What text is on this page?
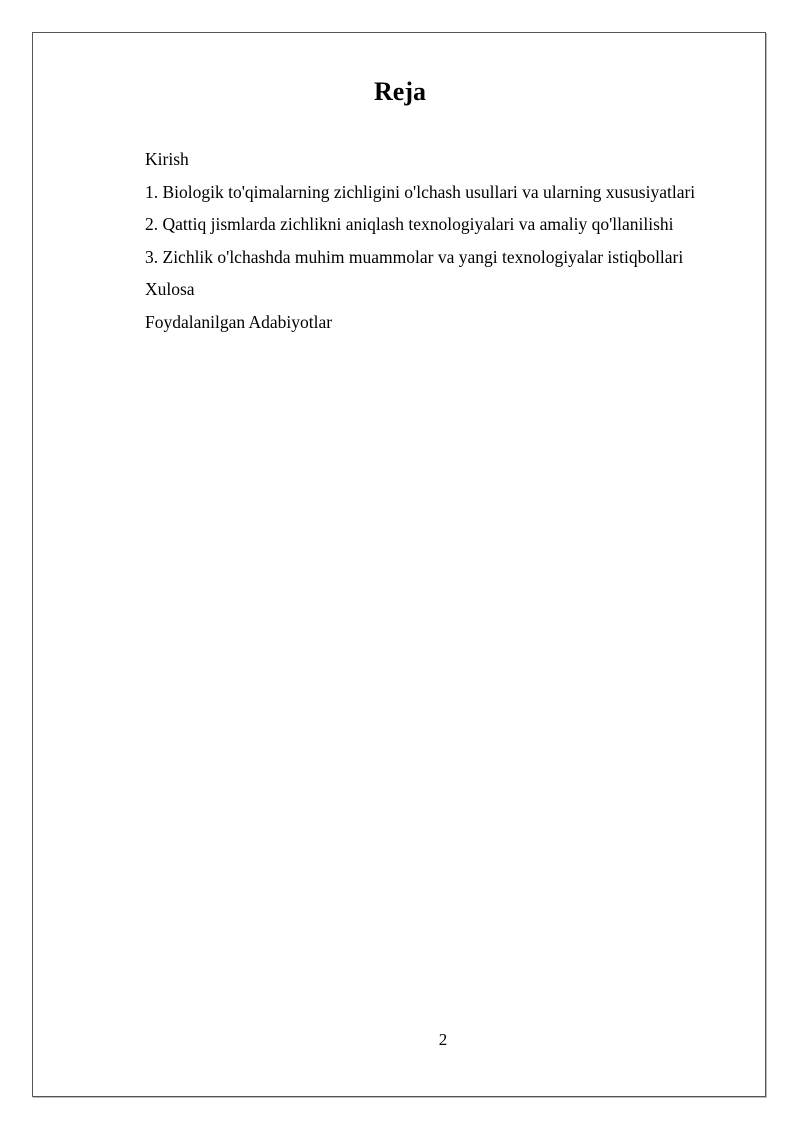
Reja
Kirish
1. Biologik to'qimalarning zichligini o'lchash usullari va ularning xususiyatlari
2. Qattiq jismlarda zichlikni aniqlash texnologiyalari va amaliy qo'llanilishi
3. Zichlik o'lchashda muhim muammolar va yangi texnologiyalar istiqbollari
Xulosa
Foydalanilgan Adabiyotlar
2
